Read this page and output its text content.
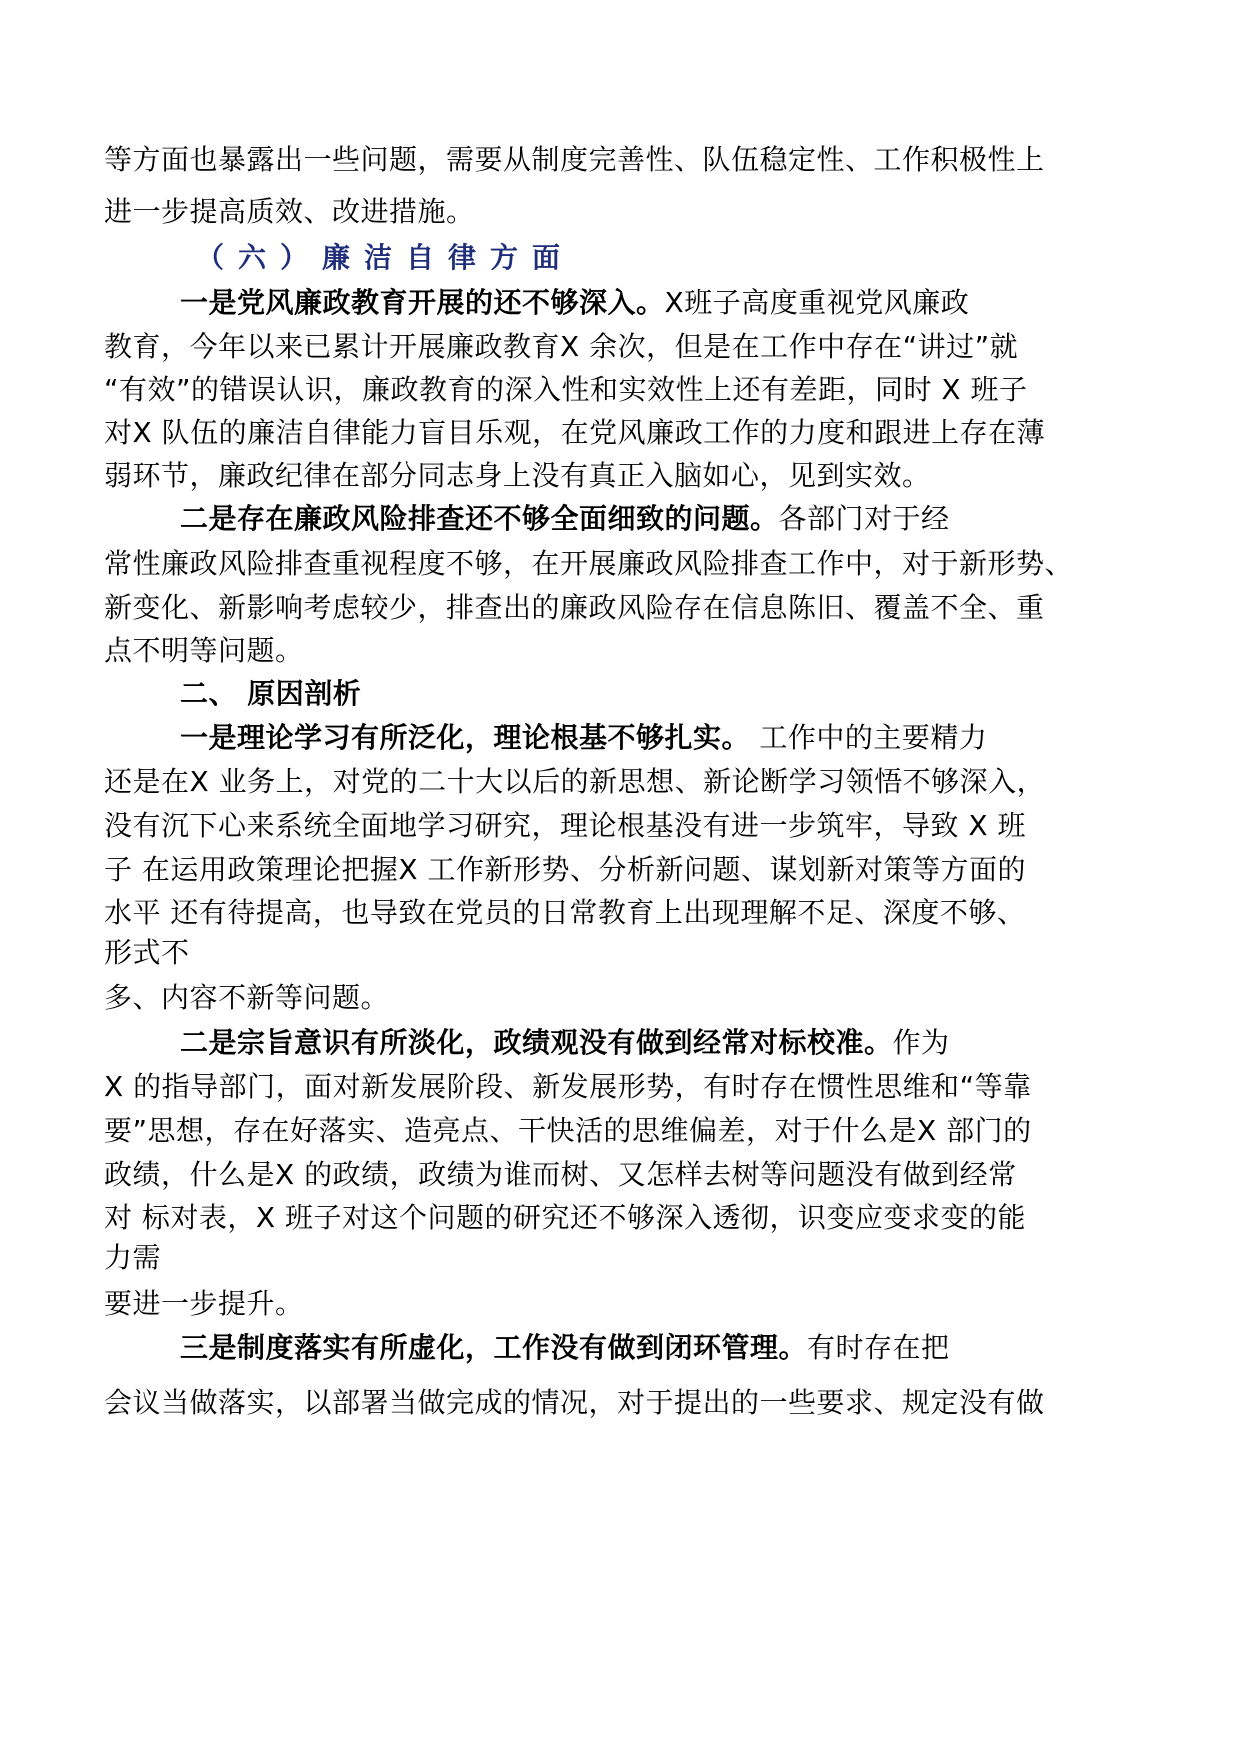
等方面也暴露出一些问题，需要从制度完善性、队伍稳定性、工作积极性上
进一步提高质效、改进措施。
（六）廉洁自律方面
一是党风廉政教育开展的还不够深入。X班子高度重视党风廉政
教育，今年以来已累计开展廉政教育X 余次，但是在工作中存在“讲过”就
“有效”的错误认识，廉政教育的深入性和实效性上还有差距，同时 X 班子
对X 队伍的廉洁自律能力盲目乐观，在党风廉政工作的力度和跟进上存在薄
弱环节，廉政纪律在部分同志身上没有真正入脑如心，见到实效。
二是存在廉政风险排查还不够全面细致的问题。各部门对于经
常性廉政风险排查重视程度不够，在开展廉政风险排查工作中，对于新形势、
新变化、新影响考虑较少，排查出的廉政风险存在信息陈旧、覆盖不全、重
点不明等问题。
二、 原因剖析
一是理论学习有所泛化，理论根基不够扎实。 工作中的主要精力
还是在X 业务上，对党的二十大以后的新思想、新论断学习领悟不够深入，
没有沉下心来系统全面地学习研究，理论根基没有进一步筑牢，导致 X 班
子 在运用政策理论把握X 工作新形势、分析新问题、谋划新对策等方面的
水平 还有待提高，也导致在党员的日常教育上出现理解不足、深度不够、
形式不
多、内容不新等问题。
二是宗旨意识有所淡化，政绩观没有做到经常对标校准。作为
X 的指导部门，面对新发展阶段、新发展形势，有时存在惯性思维和“等靠
要”思想，存在好落实、造亮点、干快活的思维偏差，对于什么是X 部门的
政绩，什么是X 的政绩，政绩为谁而树、又怎样去树等问题没有做到经常
对 标对表，X 班子对这个问题的研究还不够深入透彻，识变应变求变的能
力需
要进一步提升。
三是制度落实有所虚化，工作没有做到闭环管理。有时存在把
会议当做落实，以部署当做完成的情况，对于提出的一些要求、规定没有做
